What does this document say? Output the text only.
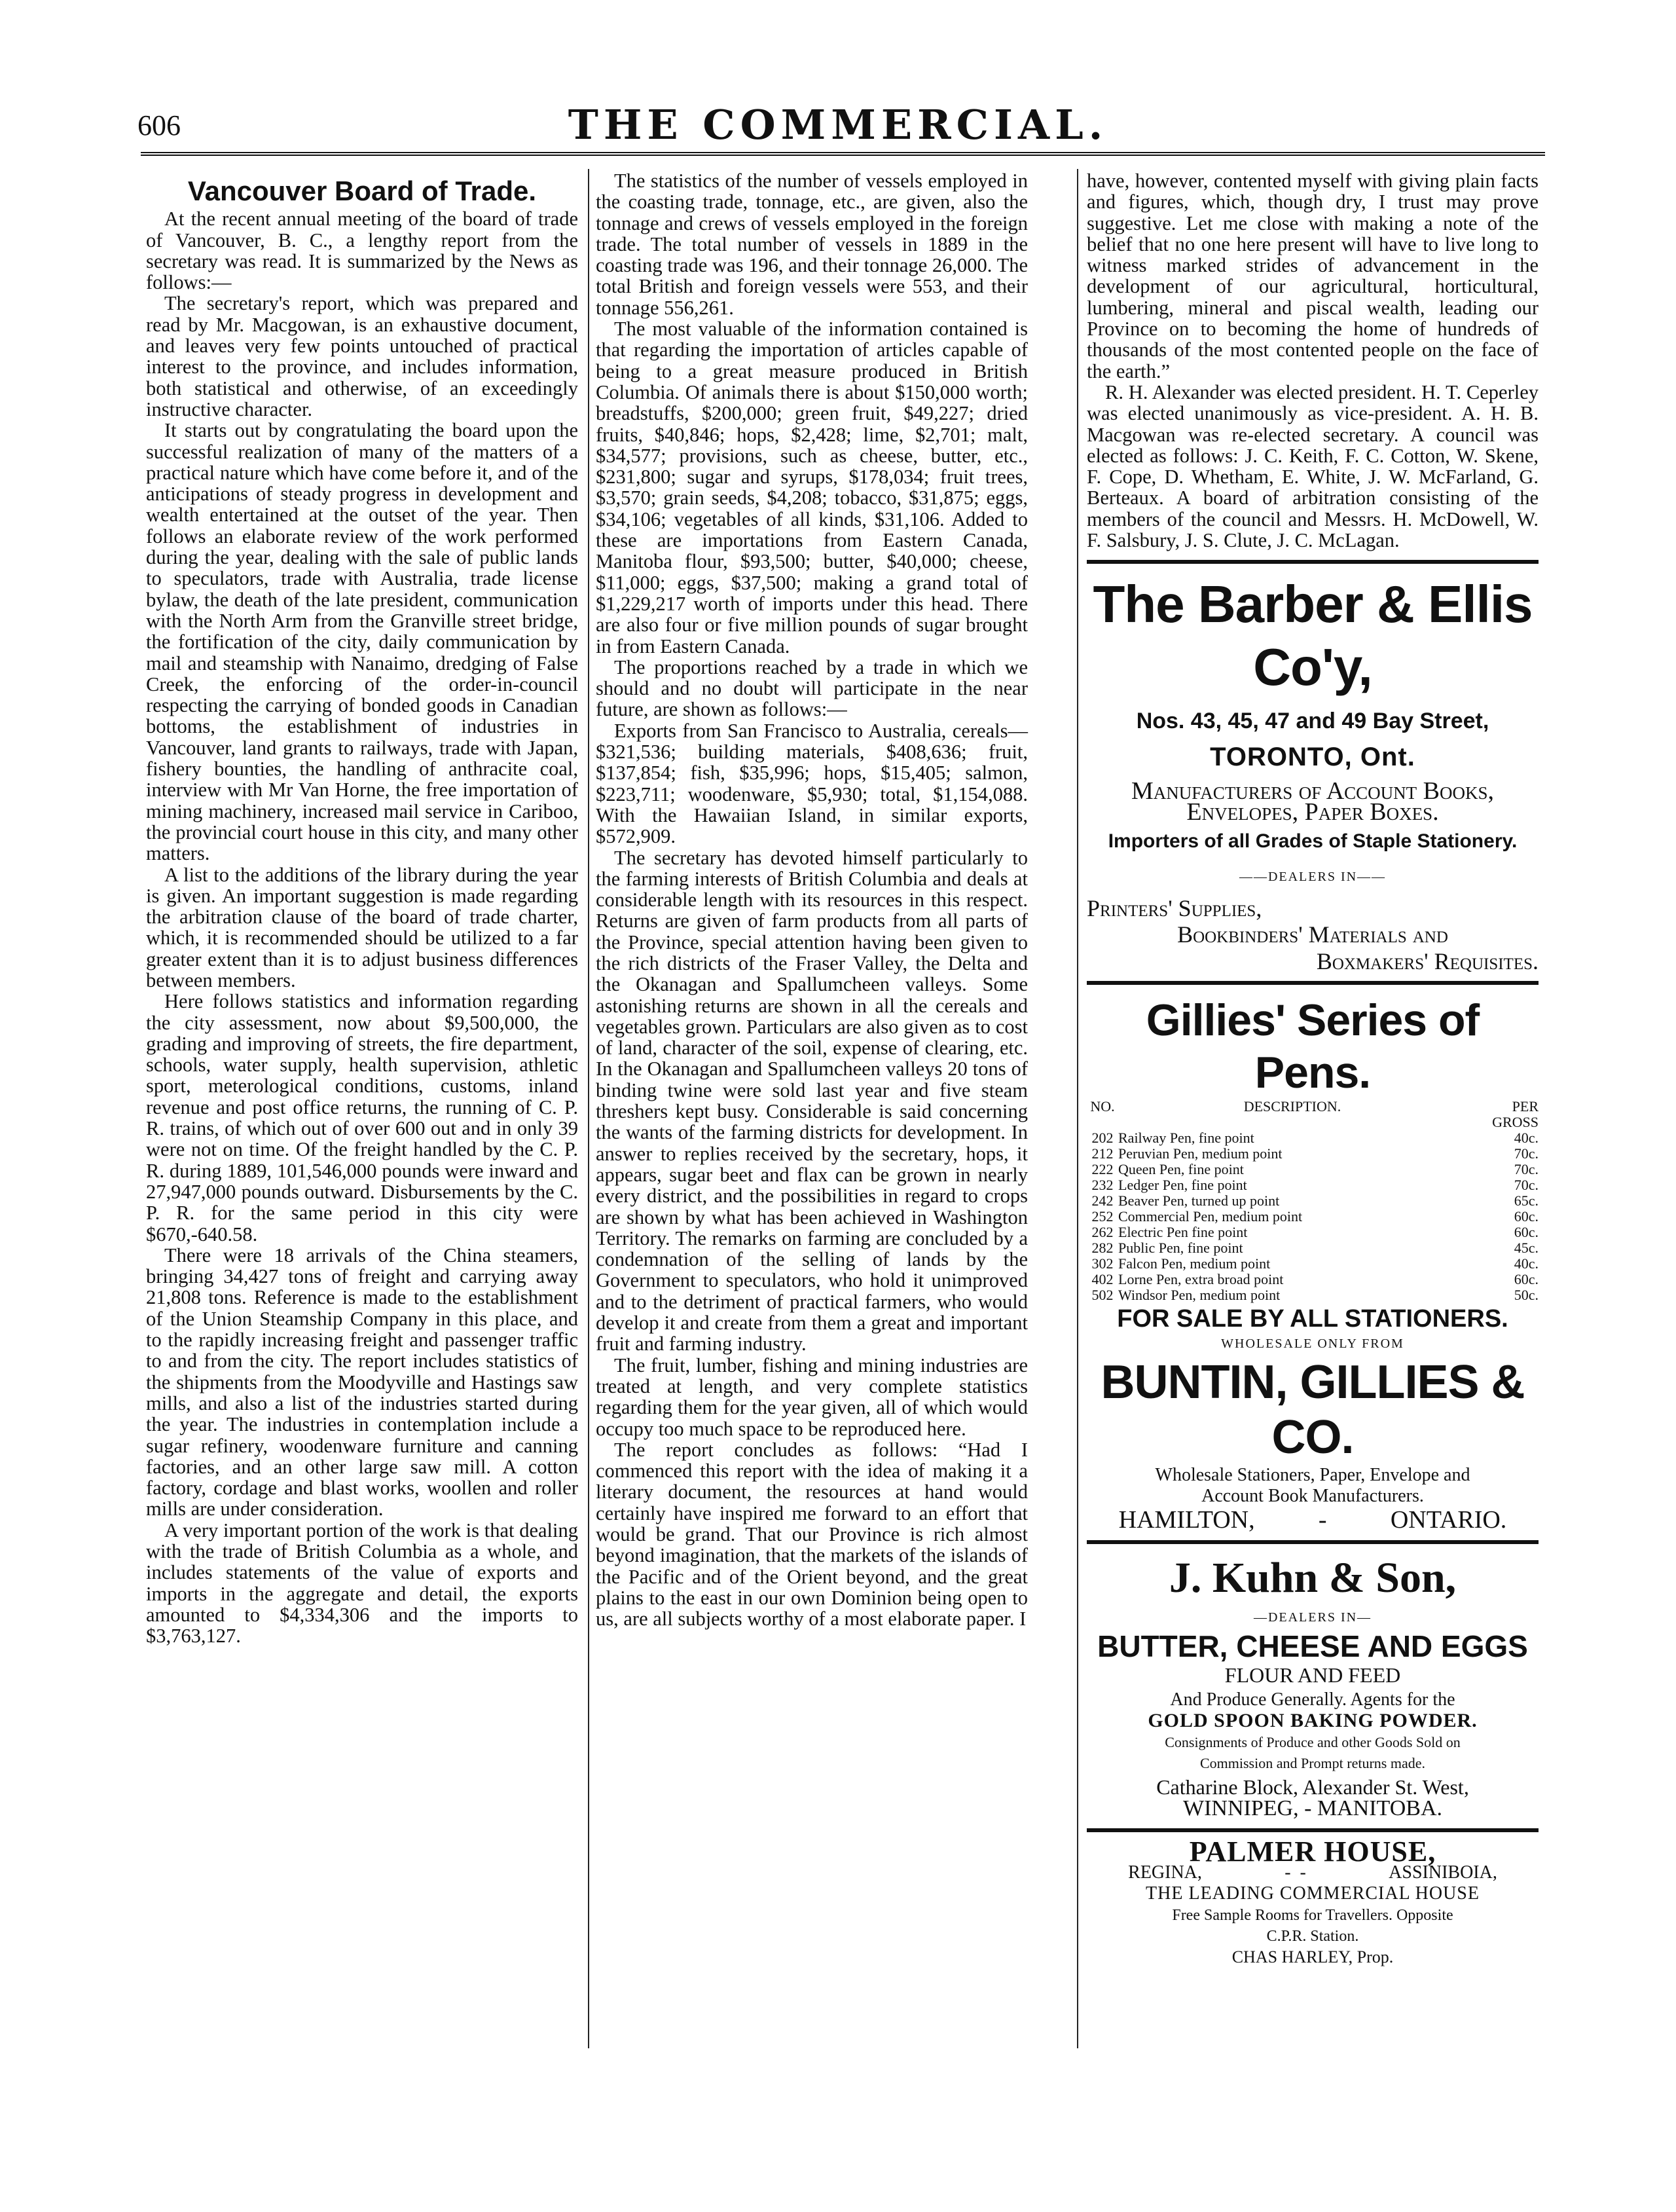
606	THE COMMERCIAL.
Vancouver Board of Trade.

At the recent annual meeting of the board of trade of Vancouver, B. C., a lengthy report from the secretary was read. It is summarized by the News as follows:—

The secretary's report, which was prepared and read by Mr. Macgowan, is an exhaustive document, and leaves very few points untouched of practical interest to the province, and includes information, both statistical and otherwise, of an exceedingly instructive character.

It starts out by congratulating the board upon the successful realization of many of the matters of a practical nature which have come before it, and of the anticipations of steady progress in development and wealth entertained at the outset of the year. Then follows an elaborate review of the work performed during the year, dealing with the sale of public lands to speculators, trade with Australia, trade license bylaw, the death of the late president, communication with the North Arm from the Granville street bridge, the fortification of the city, daily communication by mail and steamship with Nanaimo, dredging of False Creek, the enforcing of the order-in-council respecting the carrying of bonded goods in Canadian bottoms, the establishment of industries in Vancouver, land grants to railways, trade with Japan, fishery bounties, the handling of anthracite coal, interview with Mr Van Horne, the free importation of mining machinery, increased mail service in Cariboo, the provincial court house in this city, and many other matters.

A list to the additions of the library during the year is given. An important suggestion is made regarding the arbitration clause of the board of trade charter, which, it is recommended should be utilized to a far greater extent than it is to adjust business differences between members.

Here follows statistics and information regarding the city assessment, now about $9,500,000, the grading and improving of streets, the fire department, schools, water supply, health supervision, athletic sport, meterological conditions, customs, inland revenue and post office returns, the running of C. P. R. trains, of which out of over 600 out and in only 39 were not on time. Of the freight handled by the C. P. R. during 1889, 101,546,000 pounds were inward and 27,947,000 pounds outward. Disbursements by the C. P. R. for the same period in this city were $670,-640.58.

There were 18 arrivals of the China steamers, bringing 34,427 tons of freight and carrying away 21,808 tons. Reference is made to the establishment of the Union Steamship Company in this place, and to the rapidly increasing freight and passenger traffic to and from the city. The report includes statistics of the shipments from the Moodyville and Hastings saw mills, and also a list of the industries started during the year. The industries in contemplation include a sugar refinery, woodenware furniture and canning factories, and an other large saw mill. A cotton factory, cordage and blast works, woollen and roller mills are under consideration.

A very important portion of the work is that dealing with the trade of British Columbia as a whole, and includes statements of the value of exports and imports in the aggregate and detail, the exports amounted to $4,334,306 and the imports to $3,763,127.

The statistics of the number of vessels employed in the coasting trade, tonnage, etc., are given, also the tonnage and crews of vessels employed in the foreign trade. The total number of vessels in 1889 in the coasting trade was 196, and their tonnage 26,000. The total British and foreign vessels were 553, and their tonnage 556,261.

The most valuable of the information contained is that regarding the importation of articles capable of being to a great measure produced in British Columbia. Of animals there is about $150,000 worth; breadstuffs, $200,000; green fruit, $49,227; dried fruits, $40,846; hops, $2,428; lime, $2,701; malt, $34,577; provisions, such as cheese, butter, etc., $231,800; sugar and syrups, $178,034; fruit trees, $3,570; grain seeds, $4,208; tobacco, $31,875; eggs, $34,106; vegetables of all kinds, $31,106. Added to these are importations from Eastern Canada, Manitoba flour, $93,500; butter, $40,000; cheese, $11,000; eggs, $37,500; making a grand total of $1,229,217 worth of imports under this head. There are also four or five million pounds of sugar brought in from Eastern Canada.

The proportions reached by a trade in which we should and no doubt will participate in the near future, are shown as follows:—

Exports from San Francisco to Australia, cereals—$321,536; building materials, $408,636; fruit, $137,854; fish, $35,996; hops, $15,405; salmon, $223,711; woodenware, $5,930; total, $1,154,088. With the Hawaiian Island, in similar exports, $572,909.

The secretary has devoted himself particularly to the farming interests of British Columbia and deals at considerable length with its resources in this respect. Returns are given of farm products from all parts of the Province, special attention having been given to the rich districts of the Fraser Valley, the Delta and the Okanagan and Spallumcheen valleys. Some astonishing returns are shown in all the cereals and vegetables grown. Particulars are also given as to cost of land, character of the soil, expense of clearing, etc. In the Okanagan and Spallumcheen valleys 20 tons of binding twine were sold last year and five steam threshers kept busy. Considerable is said concerning the wants of the farming districts for development. In answer to replies received by the secretary, hops, it appears, sugar beet and flax can be grown in nearly every district, and the possibilities in regard to crops are shown by what has been achieved in Washington Territory. The remarks on farming are concluded by a condemnation of the selling of lands by the Government to speculators, who hold it unimproved and to the detriment of practical farmers, who would develop it and create from them a great and important fruit and farming industry.

The fruit, lumber, fishing and mining industries are treated at length, and very complete statistics regarding them for the year given, all of which would occupy too much space to be reproduced here.

The report concludes as follows: “Had I commenced this report with the idea of making it a literary document, the resources at hand would certainly have inspired me forward to an effort that would be grand. That our Province is rich almost beyond imagination, that the markets of the islands of the Pacific and of the Orient beyond, and the great plains to the east in our own Dominion being open to us, are all subjects worthy of a most elaborate paper. I

have, however, contented myself with giving plain facts and figures, which, though dry, I trust may prove suggestive. Let me close with making a note of the belief that no one here present will have to live long to witness marked strides of advancement in the development of our agricultural, horticultural, lumbering, mineral and piscal wealth, leading our Province on to becoming the home of hundreds of thousands of the most contented people on the face of the earth.”

R. H. Alexander was elected president. H. T. Ceperley was elected unanimously as vice-president. A. H. B. Macgowan was re-elected secretary. A council was elected as follows: J. C. Keith, F. C. Cotton, W. Skene, F. Cope, D. Whetham, E. White, J. W. McFarland, G. Berteaux. A board of arbitration consisting of the members of the council and Messrs. H. McDowell, W. F. Salsbury, J. S. Clute, J. C. McLagan.

The Barber & Ellis Co'y,
Nos. 43, 45, 47 and 49 Bay Street,
TORONTO, Ont.
Manufacturers of Account Books,
Envelopes, Paper Boxes.
Importers of all Grades of Staple Stationery.
——DEALERS IN——
Printers' Supplies,
Bookbinders' Materials and
Boxmakers' Requisites.
Gillies' Series of Pens.
NO.	DESCRIPTION.	PER GROSS
202	Railway Pen, fine point	40c.
212	Peruvian Pen, medium point	70c.
222	Queen Pen, fine point	70c.
232	Ledger Pen, fine point	70c.
242	Beaver Pen, turned up point	65c.
252	Commercial Pen, medium point	60c.
262	Electric Pen fine point	60c.
282	Public Pen, fine point	45c.
302	Falcon Pen, medium point	40c.
402	Lorne Pen, extra broad point	60c.
502	Windsor Pen, medium point	50c.
FOR SALE BY ALL STATIONERS.
WHOLESALE ONLY FROM
BUNTIN, GILLIES & CO.
Wholesale Stationers, Paper, Envelope and
Account Book Manufacturers.
HAMILTON,	-	ONTARIO.
J. Kuhn & Son,
—DEALERS IN—
BUTTER, CHEESE AND EGGS
FLOUR AND FEED
And Produce Generally. Agents for the
GOLD SPOON BAKING POWDER.
Consignments of Produce and other Goods Sold on
Commission and Prompt returns made.
Catharine Block, Alexander St. West,
WINNIPEG, - MANITOBA.
PALMER HOUSE,
REGINA,	-  -	ASSINIBOIA,
THE LEADING COMMERCIAL HOUSE
Free Sample Rooms for Travellers. Opposite
C.P.R. Station.
CHAS HARLEY, Prop.
